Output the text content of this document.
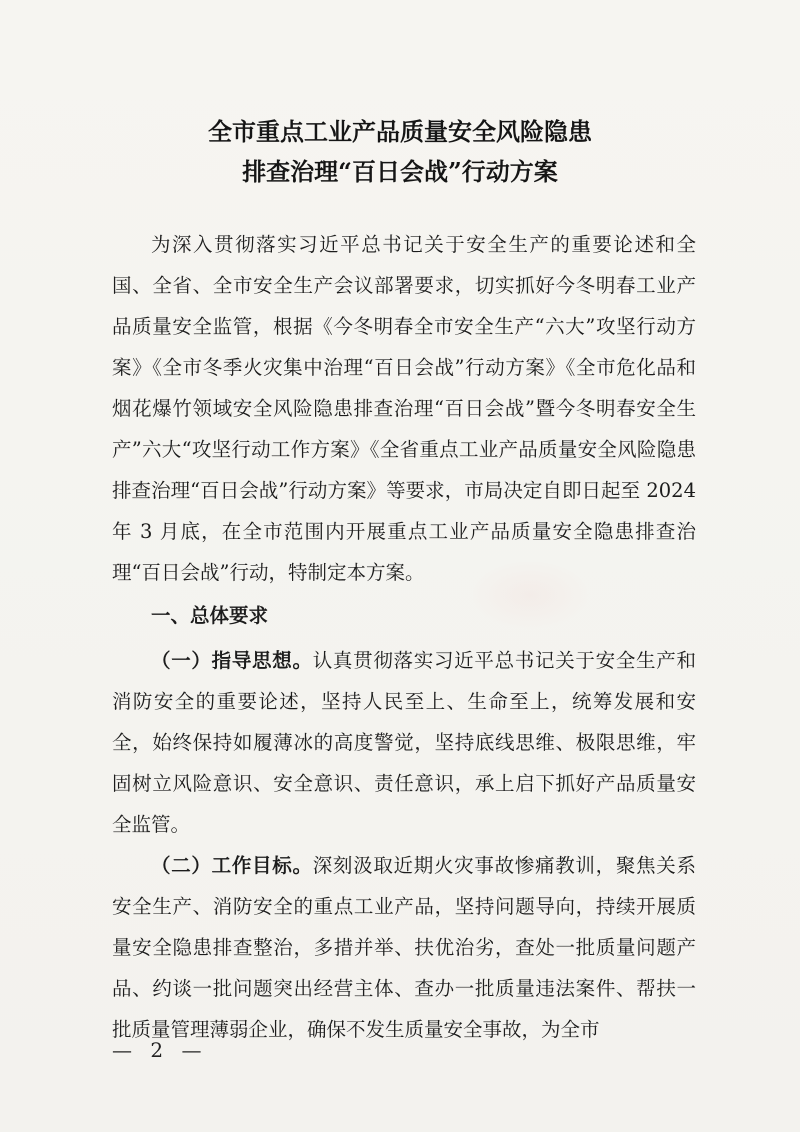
全市重点工业产品质量安全风险隐患
排查治理“百日会战”行动方案

为深入贯彻落实习近平总书记关于安全生产的重要论述和全国、全省、全市安全生产会议部署要求，切实抓好今冬明春工业产品质量安全监管，根据《今冬明春全市安全生产“六大”攻坚行动方案》《全市冬季火灾集中治理“百日会战”行动方案》《全市危化品和烟花爆竹领域安全风险隐患排查治理“百日会战”暨今冬明春安全生产”六大“攻坚行动工作方案》《全省重点工业产品质量安全风险隐患排查治理“百日会战”行动方案》等要求，市局决定自即日起至 2024 年 3 月底，在全市范围内开展重点工业产品质量安全隐患排查治理“百日会战”行动，特制定本方案。

一、总体要求

（一）指导思想。认真贯彻落实习近平总书记关于安全生产和消防安全的重要论述，坚持人民至上、生命至上，统筹发展和安全，始终保持如履薄冰的高度警觉，坚持底线思维、极限思维，牢固树立风险意识、安全意识、责任意识，承上启下抓好产品质量安全监管。

（二）工作目标。深刻汲取近期火灾事故惨痛教训，聚焦关系安全生产、消防安全的重点工业产品，坚持问题导向，持续开展质量安全隐患排查整治，多措并举、扶优治劣，查处一批质量问题产品、约谈一批问题突出经营主体、查办一批质量违法案件、帮扶一批质量管理薄弱企业，确保不发生质量安全事故，为全市

— 2 —
